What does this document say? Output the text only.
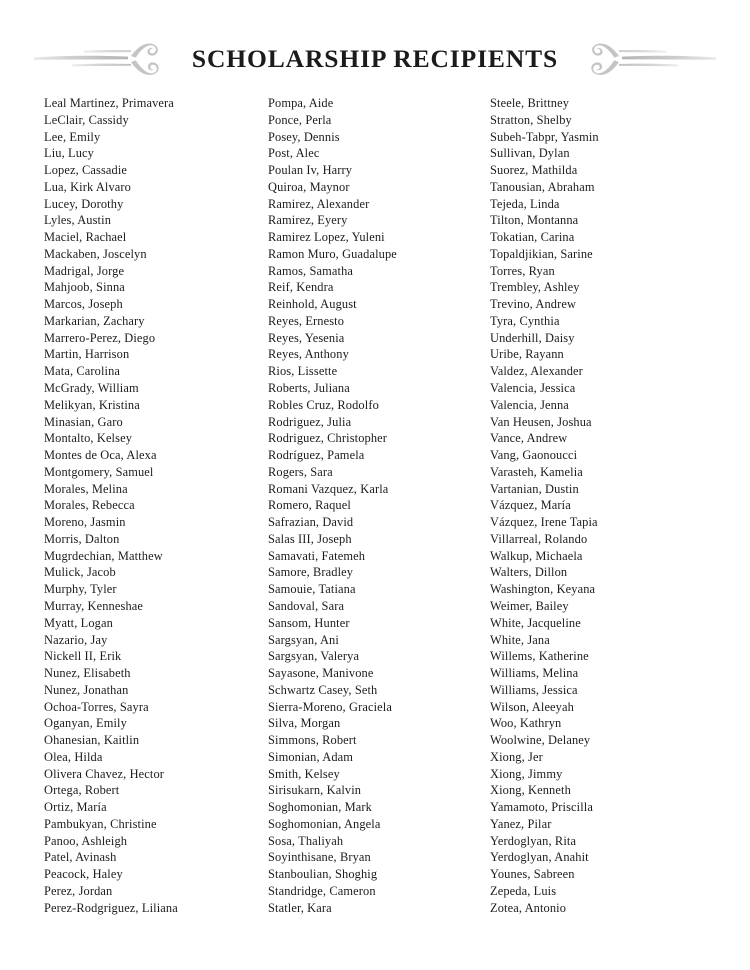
SCHOLARSHIP RECIPIENTS
Leal Martinez, Primavera
LeClair, Cassidy
Lee, Emily
Liu, Lucy
Lopez, Cassadie
Lua, Kirk Alvaro
Lucey, Dorothy
Lyles, Austin
Maciel, Rachael
Mackaben, Joscelyn
Madrigal, Jorge
Mahjoob, Sinna
Marcos, Joseph
Markarian, Zachary
Marrero-Perez, Diego
Martin, Harrison
Mata, Carolina
McGrady, William
Melikyan, Kristina
Minasian, Garo
Montalto, Kelsey
Montes de Oca, Alexa
Montgomery, Samuel
Morales, Melina
Morales, Rebecca
Moreno, Jasmin
Morris, Dalton
Mugrdechian, Matthew
Mulick, Jacob
Murphy, Tyler
Murray, Kenneshae
Myatt, Logan
Nazario, Jay
Nickell II, Erik
Nunez, Elisabeth
Nunez, Jonathan
Ochoa-Torres, Sayra
Oganyan, Emily
Ohanesian, Kaitlin
Olea, Hilda
Olivera Chavez, Hector
Ortega, Robert
Ortiz, María
Pambukyan, Christine
Panoo, Ashleigh
Patel, Avinash
Peacock, Haley
Perez, Jordan
Perez-Rodgriguez, Liliana
Pompa, Aide
Ponce, Perla
Posey, Dennis
Post, Alec
Poulan Iv, Harry
Quiroa, Maynor
Ramirez, Alexander
Ramirez, Eyery
Ramirez Lopez, Yuleni
Ramon Muro, Guadalupe
Ramos, Samatha
Reif, Kendra
Reinhold, August
Reyes, Ernesto
Reyes, Yesenia
Reyes, Anthony
Rios, Lissette
Roberts, Juliana
Robles Cruz, Rodolfo
Rodriguez, Julia
Rodriguez, Christopher
Rodríguez, Pamela
Rogers, Sara
Romani Vazquez, Karla
Romero, Raquel
Safrazian, David
Salas III, Joseph
Samavati, Fatemeh
Samore, Bradley
Samouie, Tatiana
Sandoval, Sara
Sansom, Hunter
Sargsyan, Ani
Sargsyan, Valerya
Sayasone, Manivone
Schwartz Casey, Seth
Sierra-Moreno, Graciela
Silva, Morgan
Simmons, Robert
Simonian, Adam
Smith, Kelsey
Sirisukarn, Kalvin
Soghomonian, Mark
Soghomonian, Angela
Sosa, Thaliyah
Soyinthisane, Bryan
Stanboulian, Shoghig
Standridge, Cameron
Statler, Kara
Steele, Brittney
Stratton, Shelby
Subeh-Tabpr, Yasmin
Sullivan, Dylan
Suorez, Mathilda
Tanousian, Abraham
Tejeda, Linda
Tilton, Montanna
Tokatian, Carina
Topaldjikian, Sarine
Torres, Ryan
Trembley, Ashley
Trevino, Andrew
Tyra, Cynthia
Underhill, Daisy
Uribe, Rayann
Valdez, Alexander
Valencia, Jessica
Valencia, Jenna
Van Heusen, Joshua
Vance, Andrew
Vang, Gaonoucci
Varasteh, Kamelia
Vartanian, Dustin
Vázquez, María
Vázquez, Irene Tapia
Villarreal, Rolando
Walkup, Michaela
Walters, Dillon
Washington, Keyana
Weimer, Bailey
White, Jacqueline
White, Jana
Willems, Katherine
Williams, Melina
Williams, Jessica
Wilson, Aleeyah
Woo, Kathryn
Woolwine, Delaney
Xiong, Jer
Xiong, Jimmy
Xiong, Kenneth
Yamamoto, Priscilla
Yanez, Pilar
Yerdoglyan, Rita
Yerdoglyan, Anahit
Younes, Sabreen
Zepeda, Luis
Zotea, Antonio
